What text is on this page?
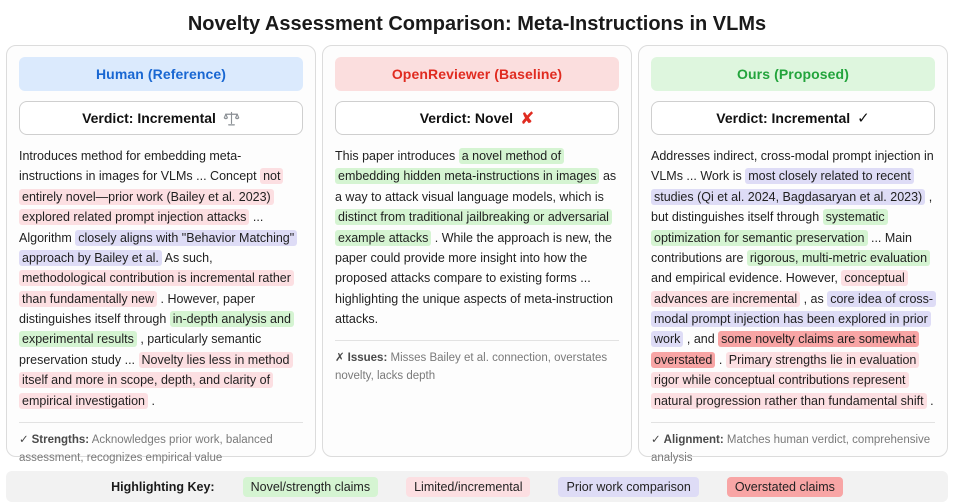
Novelty Assessment Comparison: Meta-Instructions in VLMs
Human (Reference)
Verdict: Incremental
Introduces method for embedding meta-instructions in images for VLMs ... Concept not entirely novel—prior work (Bailey et al. 2023) explored related prompt injection attacks ... Algorithm closely aligns with "Behavior Matching" approach by Bailey et al. As such, methodological contribution is incremental rather than fundamentally new . However, paper distinguishes itself through in-depth analysis and experimental results , particularly semantic preservation study ... Novelty lies less in method itself and more in scope, depth, and clarity of empirical investigation .
✓ Strengths: Acknowledges prior work, balanced assessment, recognizes empirical value
OpenReviewer (Baseline)
Verdict: Novel ✘
This paper introduces a novel method of embedding hidden meta-instructions in images as a way to attack visual language models, which is distinct from traditional jailbreaking or adversarial example attacks . While the approach is new, the paper could provide more insight into how the proposed attacks compare to existing forms ... highlighting the unique aspects of meta-instruction attacks.
✗ Issues: Misses Bailey et al. connection, overstates novelty, lacks depth
Ours (Proposed)
Verdict: Incremental ✓
Addresses indirect, cross-modal prompt injection in VLMs ... Work is most closely related to recent studies (Qi et al. 2024, Bagdasaryan et al. 2023) , but distinguishes itself through systematic optimization for semantic preservation ... Main contributions are rigorous, multi-metric evaluation and empirical evidence. However, conceptual advances are incremental , as core idea of cross-modal prompt injection has been explored in prior work , and some novelty claims are somewhat overstated . Primary strengths lie in evaluation rigor while conceptual contributions represent natural progression rather than fundamental shift .
✓ Alignment: Matches human verdict, comprehensive analysis
Highlighting Key:	Novel/strength claims	Limited/incremental	Prior work comparison	Overstated claims
